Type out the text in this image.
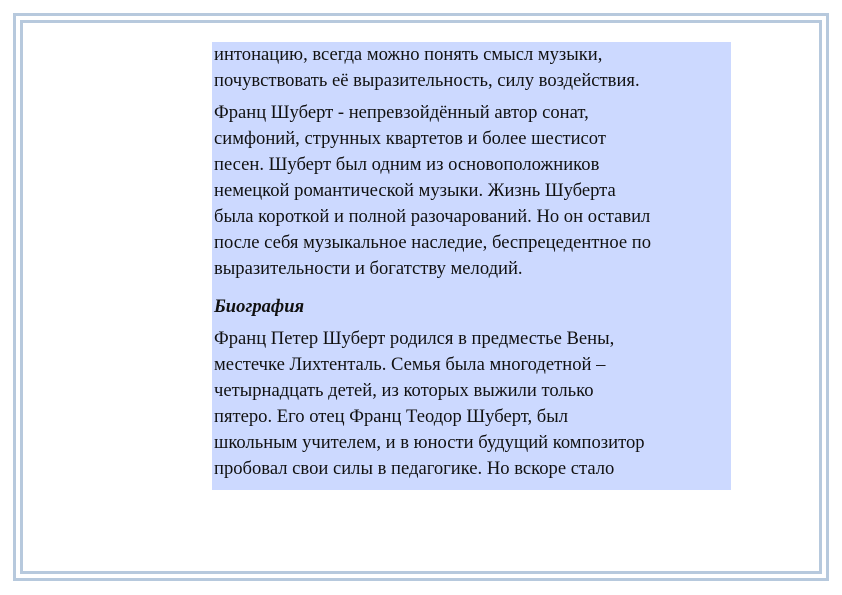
интонацию, всегда можно понять смысл музыки,
почувствовать её выразительность, силу воздействия.
Франц Шуберт - непревзойдённый автор сонат,
симфоний, струнных квартетов и более шестисот
песен. Шуберт был одним из основоположников
немецкой романтической музыки. Жизнь Шуберта
была короткой и полной разочарований. Но он оставил
после себя музыкальное наследие, беспрецедентное по
выразительности и богатству мелодий.
Биография
Франц Петер Шуберт родился в предместье Вены,
местечке Лихтенталь. Семья была многодетной –
четырнадцать детей, из которых выжили только
пятеро. Его отец Франц Теодор Шуберт, был
школьным учителем, и в юности будущий композитор
пробовал свои силы в педагогике. Но вскоре стало
